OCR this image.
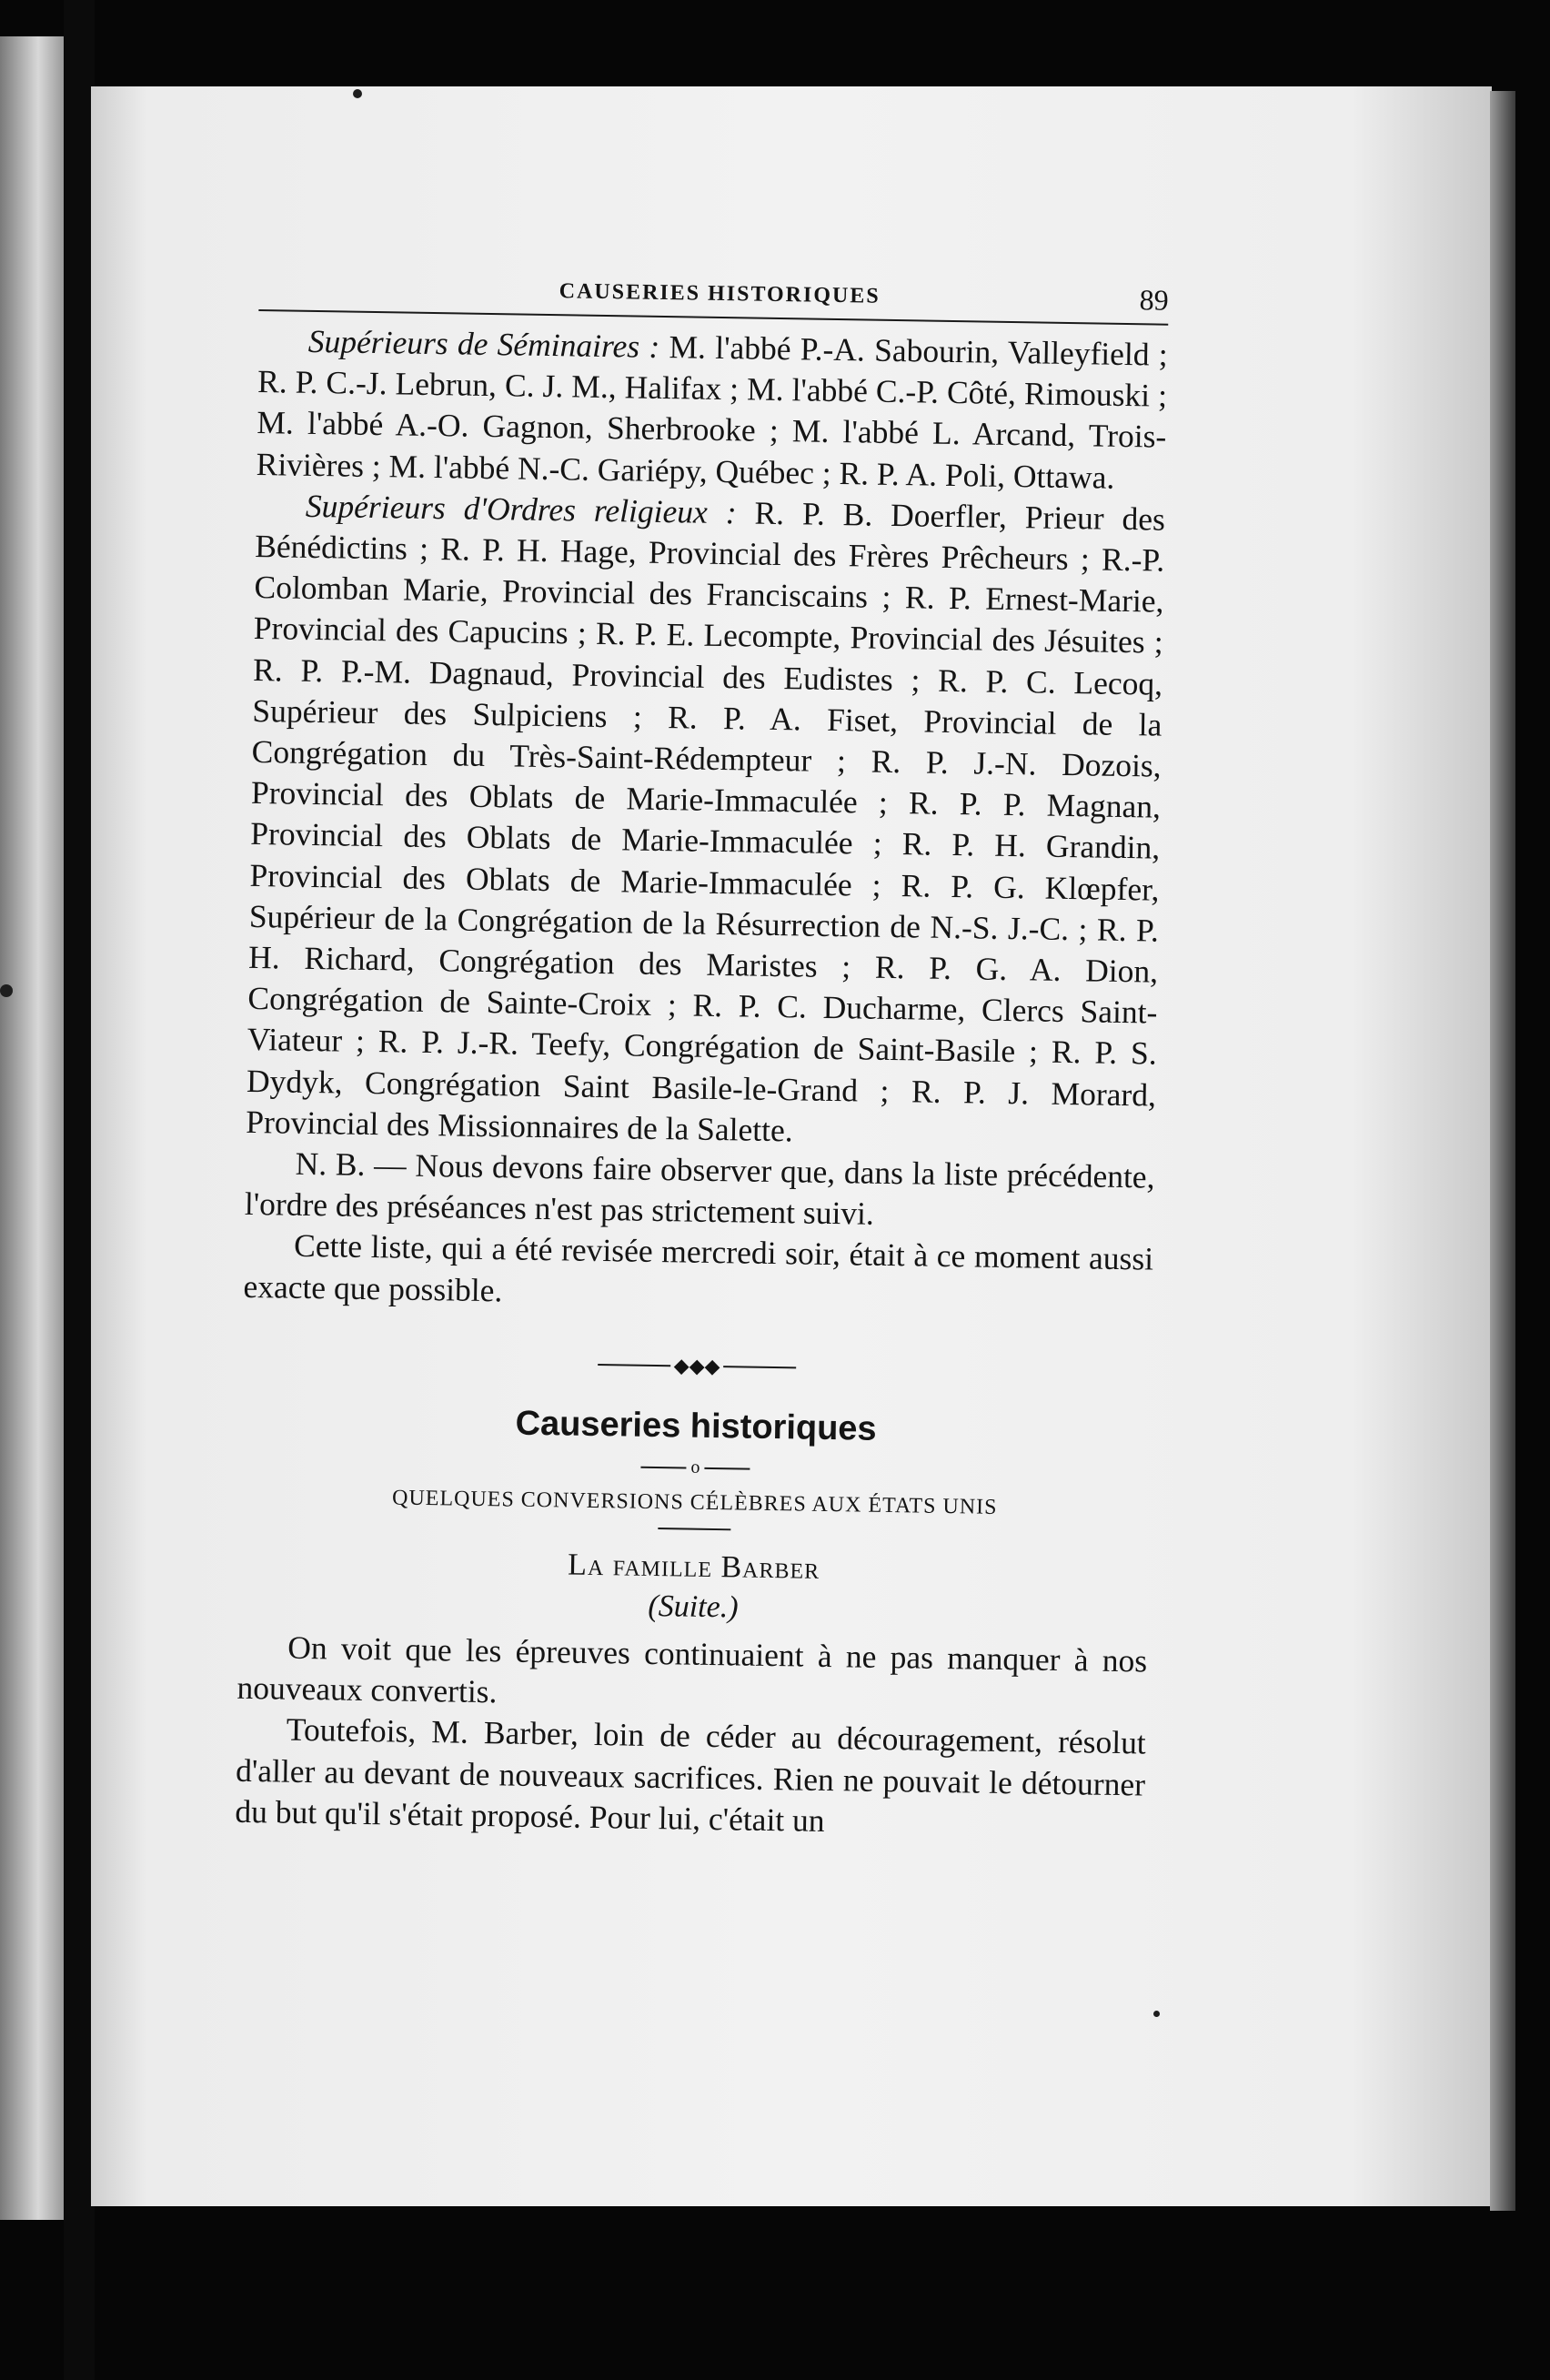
CAUSERIES HISTORIQUES	89

Supérieurs de Séminaires : M. l'abbé P.-A. Sabourin, Valleyfield ; R. P. C.-J. Lebrun, C. J. M., Halifax ; M. l'abbé C.-P. Côté, Rimouski ; M. l'abbé A.-O. Gagnon, Sherbrooke ; M. l'abbé L. Arcand, Trois-Rivières ; M. l'abbé N.-C. Gariépy, Québec ; R. P. A. Poli, Ottawa.

Supérieurs d'Ordres religieux : R. P. B. Doerfler, Prieur des Bénédictins ; R. P. H. Hage, Provincial des Frères Prêcheurs ; R.-P. Colomban Marie, Provincial des Franciscains ; R. P. Ernest-Marie, Provincial des Capucins ; R. P. E. Lecompte, Provincial des Jésuites ; R. P. P.-M. Dagnaud, Provincial des Eudistes ; R. P. C. Lecoq, Supérieur des Sulpiciens ; R. P. A. Fiset, Provincial de la Congrégation du Très-Saint-Rédempteur ; R. P. J.-N. Dozois, Provincial des Oblats de Marie-Immaculée ; R. P. P. Magnan, Provincial des Oblats de Marie-Immaculée ; R. P. H. Grandin, Provincial des Oblats de Marie-Immaculée ; R. P. G. Klœpfer, Supérieur de la Congrégation de la Résurrection de N.-S. J.-C. ; R. P. H. Richard, Congrégation des Maristes ; R. P. G. A. Dion, Congrégation de Sainte-Croix ; R. P. C. Ducharme, Clercs Saint-Viateur ; R. P. J.-R. Teefy, Congrégation de Saint-Basile ; R. P. S. Dydyk, Congrégation Saint Basile-le-Grand ; R. P. J. Morard, Provincial des Missionnaires de la Salette.

N. B. — Nous devons faire observer que, dans la liste précédente, l'ordre des préséances n'est pas strictement suivi.

Cette liste, qui a été revisée mercredi soir, était à ce moment aussi exacte que possible.

◆◆◆
Causeries historiques
o
QUELQUES CONVERSIONS CÉLÈBRES AUX ÉTATS UNIS
La famille Barber
(Suite.)

On voit que les épreuves continuaient à ne pas manquer à nos nouveaux convertis.

Toutefois, M. Barber, loin de céder au découragement, résolut d'aller au devant de nouveaux sacrifices. Rien ne pouvait le détourner du but qu'il s'était proposé. Pour lui, c'était un
